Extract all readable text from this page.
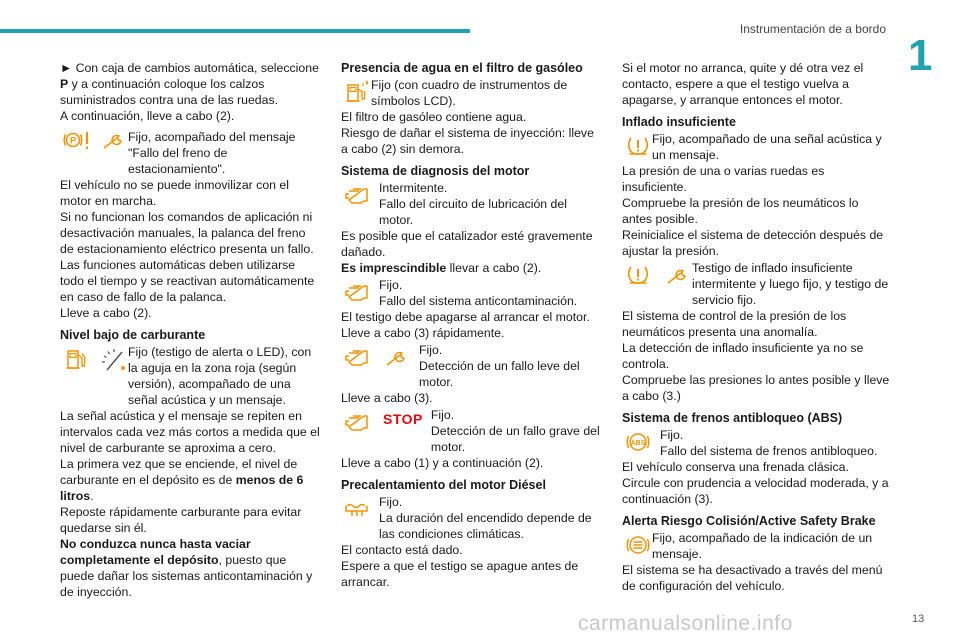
Instrumentación de a bordo
1

► Con caja de cambios automática, seleccione P y a continuación coloque los calzos suministrados contra una de las ruedas.

A continuación, lleve a cabo (2).

P	Fijo, acompañado del mensaje "Fallo del freno de estacionamiento".

El vehículo no se puede inmovilizar con el motor en marcha.

Si no funcionan los comandos de aplicación ni desactivación manuales, la palanca del freno de estacionamiento eléctrico presenta un fallo.

Las funciones automáticas deben utilizarse todo el tiempo y se reactivan automáticamente en caso de fallo de la palanca.

Lleve a cabo (2).

Nivel bajo de carburante

Fijo (testigo de alerta o LED), con la aguja en la zona roja (según versión), acompañado de una señal acústica y un mensaje.

La señal acústica y el mensaje se repiten en intervalos cada vez más cortos a medida que el nivel de carburante se aproxima a cero.

La primera vez que se enciende, el nivel de carburante en el depósito es de menos de 6 litros.

Reposte rápidamente carburante para evitar quedarse sin él.

No conduzca nunca hasta vaciar completamente el depósito, puesto que puede dañar los sistemas anticontaminación y de inyección.

Presencia de agua en el filtro de gasóleo

Fijo (con cuadro de instrumentos de símbolos LCD).

El filtro de gasóleo contiene agua.

Riesgo de dañar el sistema de inyección: lleve a cabo (2) sin demora.

Sistema de diagnosis del motor

Intermitente.

Fallo del circuito de lubricación del motor.

Es posible que el catalizador esté gravemente dañado.

Es imprescindible llevar a cabo (2).

Fijo.

Fallo del sistema anticontaminación.

El testigo debe apagarse al arrancar el motor.

Lleve a cabo (3) rápidamente.

Fijo.

Detección de un fallo leve del motor.

Lleve a cabo (3).

STOP Fijo.

Detección de un fallo grave del motor.

Lleve a cabo (1) y a continuación (2).

Precalentamiento del motor Diésel

Fijo.

La duración del encendido depende de las condiciones climáticas.

El contacto está dado.

Espere a que el testigo se apague antes de arrancar.

Si el motor no arranca, quite y dé otra vez el contacto, espere a que el testigo vuelva a apagarse, y arranque entonces el motor.

Inflado insuficiente

Fijo, acompañado de una señal acústica y un mensaje.

La presión de una o varias ruedas es insuficiente.

Compruebe la presión de los neumáticos lo antes posible.

Reinicialice el sistema de detección después de ajustar la presión.

Testigo de inflado insuficiente intermitente y luego fijo, y testigo de servicio fijo.

El sistema de control de la presión de los neumáticos presenta una anomalía.

La detección de inflado insuficiente ya no se controla.

Compruebe las presiones lo antes posible y lleve a cabo (3.)

Sistema de frenos antibloqueo (ABS)
ABS

Fijo.

Fallo del sistema de frenos antibloqueo.

El vehículo conserva una frenada clásica.

Circule con prudencia a velocidad moderada, y a continuación (3).

Alerta Riesgo Colisión/Active Safety Brake

Fijo, acompañado de la indicación de un mensaje.

El sistema se ha desactivado a través del menú de configuración del vehículo.

carmanualsonline.info	13
